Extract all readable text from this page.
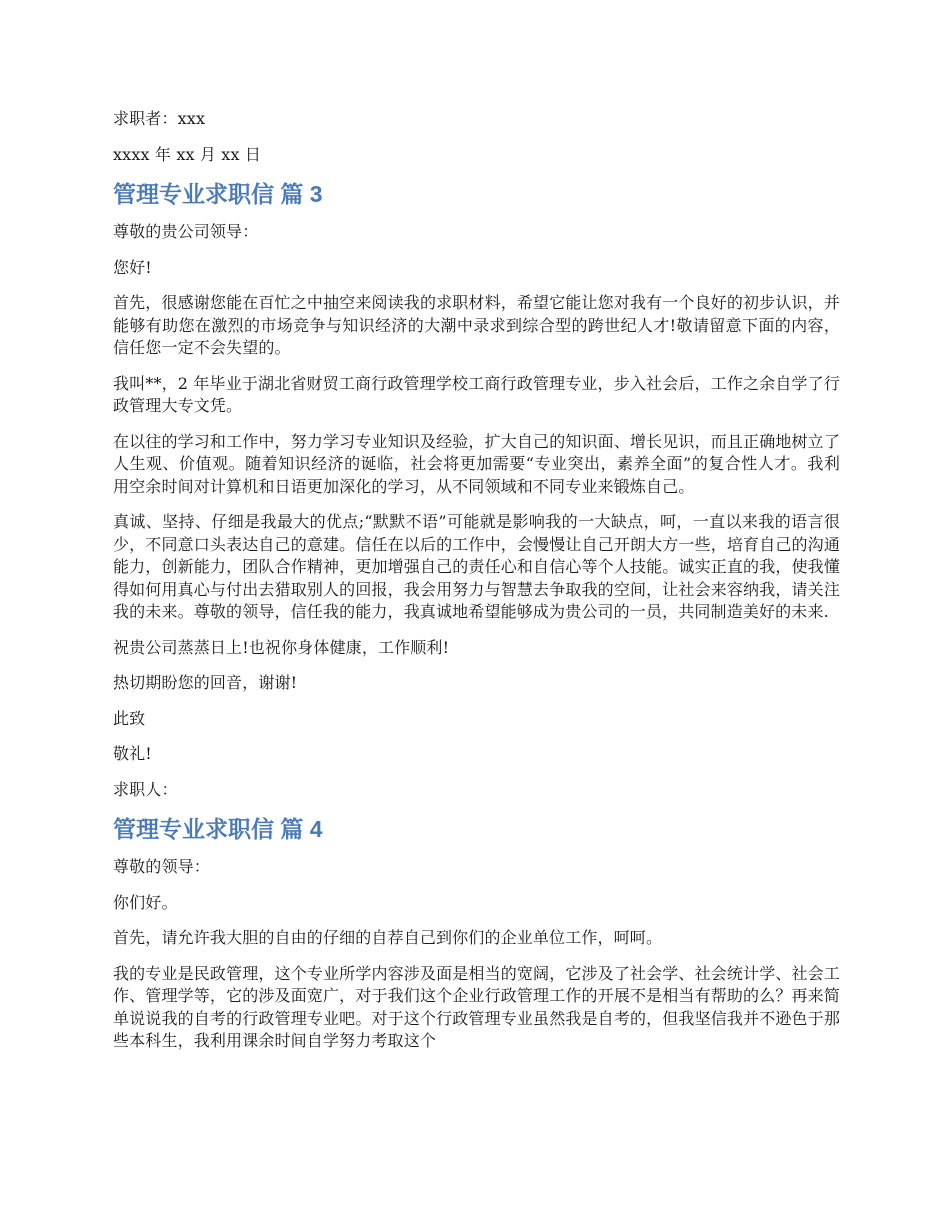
求职者：xxx

xxxx 年 xx 月 xx 日

管理专业求职信 篇 3

尊敬的贵公司领导：

您好!

首先，很感谢您能在百忙之中抽空来阅读我的求职材料，希望它能让您对我有一个良好的初步认识，并能够有助您在激烈的市场竞争与知识经济的大潮中录求到综合型的跨世纪人才!敬请留意下面的内容，信任您一定不会失望的。

我叫**，2 年毕业于湖北省财贸工商行政管理学校工商行政管理专业，步入社会后，工作之余自学了行政管理大专文凭。

在以往的学习和工作中，努力学习专业知识及经验，扩大自己的知识面、增长见识，而且正确地树立了人生观、价值观。随着知识经济的诞临，社会将更加需要“专业突出，素养全面”的复合性人才。我利用空余时间对计算机和日语更加深化的学习，从不同领域和不同专业来锻炼自己。

真诚、坚持、仔细是我最大的优点;“默默不语”可能就是影响我的一大缺点，呵，一直以来我的语言很少，不同意口头表达自己的意建。信任在以后的工作中，会慢慢让自己开朗大方一些，培育自己的沟通能力，创新能力，团队合作精神，更加增强自己的责任心和自信心等个人技能。诚实正直的我，使我懂得如何用真心与付出去猎取别人的回报，我会用努力与智慧去争取我的空间，让社会来容纳我，请关注我的未来。尊敬的领导，信任我的能力，我真诚地希望能够成为贵公司的一员，共同制造美好的未来.

祝贵公司蒸蒸日上!也祝你身体健康，工作顺利!

热切期盼您的回音，谢谢!

此致

敬礼!

求职人：

管理专业求职信 篇 4

尊敬的领导：

你们好。

首先，请允许我大胆的自由的仔细的自荐自己到你们的企业单位工作，呵呵。

我的专业是民政管理，这个专业所学内容涉及面是相当的宽阔，它涉及了社会学、社会统计学、社会工作、管理学等，它的涉及面宽广，对于我们这个企业行政管理工作的开展不是相当有帮助的么？再来简单说说我的自考的行政管理专业吧。对于这个行政管理专业虽然我是自考的，但我坚信我并不逊色于那些本科生，我利用课余时间自学努力考取这个
